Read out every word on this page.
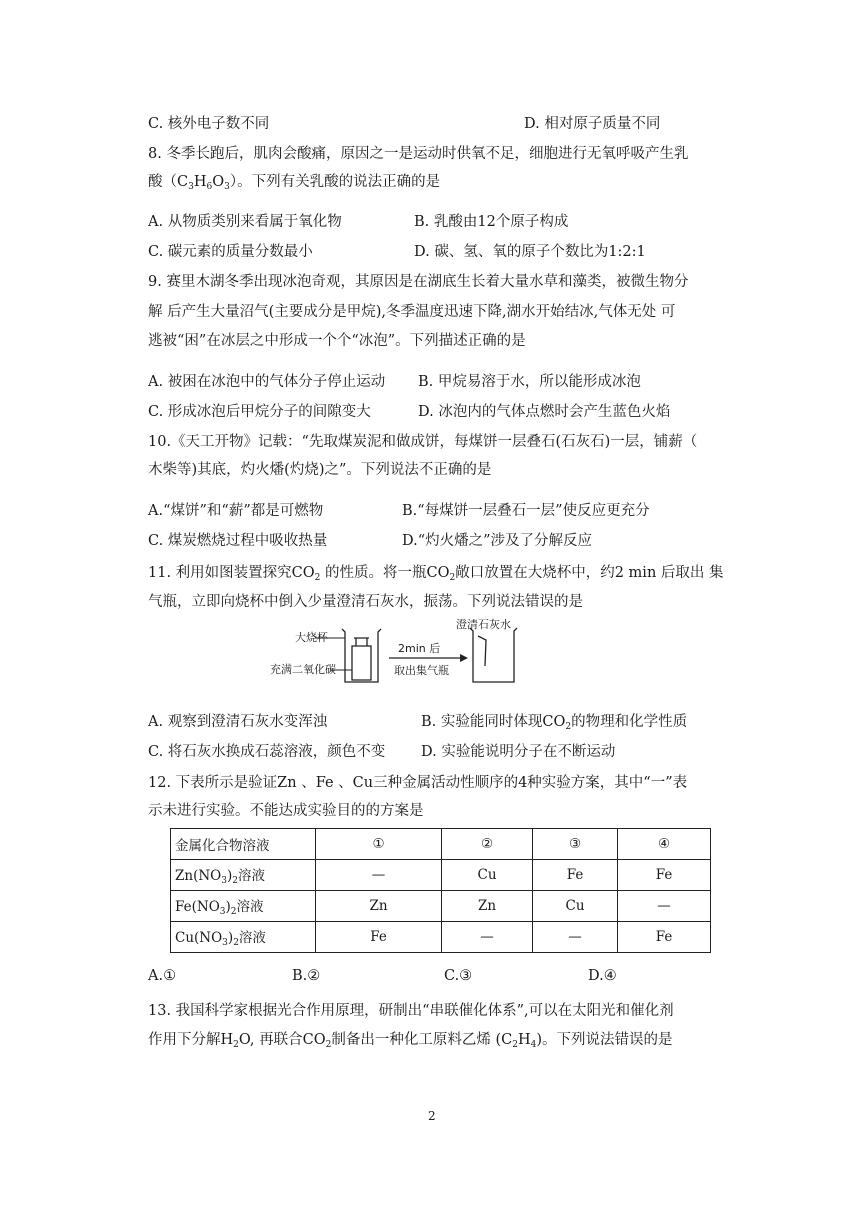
C. 核外电子数不同	D. 相对原子质量不同
8. 冬季长跑后，肌肉会酸痛，原因之一是运动时供氧不足，细胞进行无氧呼吸产生乳
酸$(C_3H_6O_3)$。下列有关乳酸的说法正确的是
A. 从物质类别来看属于氧化物	B. 乳酸由12个原子构成
C. 碳元素的质量分数最小	D. 碳、氢、氧的原子个数比为1:2:1
9. 赛里木湖冬季出现冰泡奇观，其原因是在湖底生长着大量水草和藻类，被微生物分
解 后产生大量沼气(主要成分是甲烷),冬季温度迅速下降,湖水开始结冰,气体无处 可
逃被“困”在冰层之中形成一个个“冰泡”。下列描述正确的是
A. 被困在冰泡中的气体分子停止运动 B. 甲烷易溶于水，所以能形成冰泡
C. 形成冰泡后甲烷分子的间隙变大	D. 冰泡内的气体点燃时会产生蓝色火焰
10.《天工开物》记载：“先取煤炭泥和做成饼，每煤饼一层叠石(石灰石)一层，铺薪（
木柴等)其底，灼火燔(灼烧)之”。下列说法不正确的是
A.“煤饼”和“薪”都是可燃物	B.“每煤饼一层叠石一层”使反应更充分
C. 煤炭燃烧过程中吸收热量	D.“灼火燔之”涉及了分解反应
11. 利用如图装置探究$CO_2$ 的性质。将一瓶$CO_2$敞口放置在大烧杯中，约2 min 后取出 集
气瓶，立即向烧杯中倒入少量澄清石灰水，振荡。下列说法错误的是
大烧杯
充满二氧化碳
2min 后
取出集气瓶
澄清石灰水
A. 观察到澄清石灰水变浑浊	B. 实验能同时体现$CO_2$的物理和化学性质
C. 将石灰水换成石蕊溶液，颜色不变 D. 实验能说明分子在不断运动
12. 下表所示是验证Zn 、Fe 、Cu三种金属活动性顺序的4种实验方案，其中“一”表
示未进行实验。不能达成实验目的的方案是
金属化合物溶液	①	②	③	④
$Zn(NO_3)_2$溶液	—	Cu	Fe	Fe
$Fe(NO_3)_2$溶液	Zn	Zn	Cu	—
$Cu(NO_3)_2$溶液	Fe	—	—	Fe
A.①	B.②	C.③	D.④
13. 我国科学家根据光合作用原理，研制出“串联催化体系”,可以在太阳光和催化剂
作用下分解$H_2O$, 再联合$CO_2$制备出一种化工原料乙烯 $(C_2H_4)$。下列说法错误的是
2
